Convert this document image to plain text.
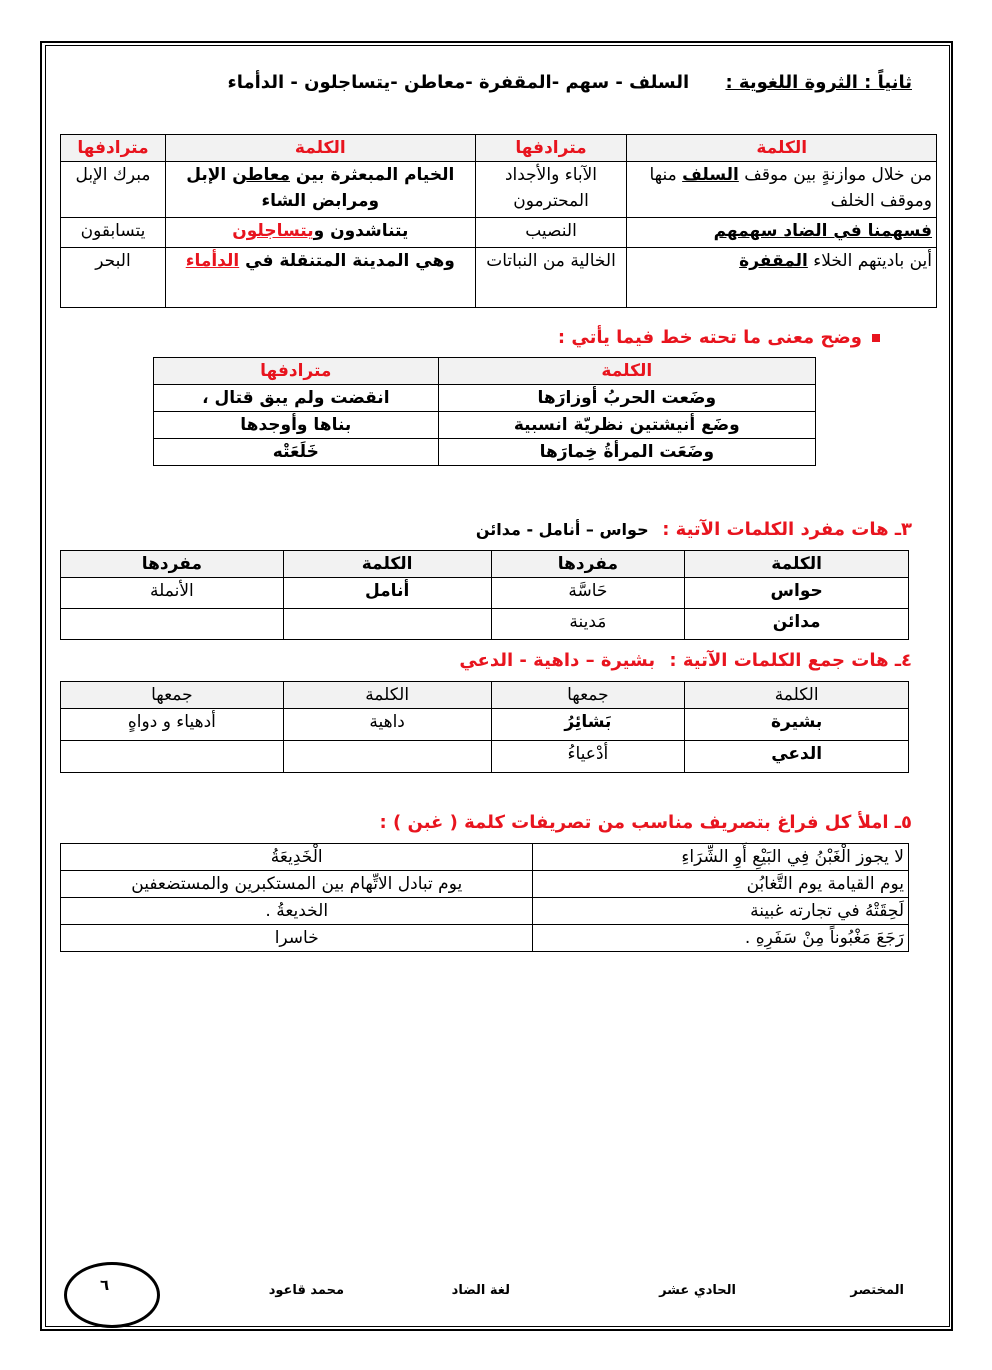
ثانياً : الثروة اللغوية : السلف - سهم -المقفرة -معاطن -يتساجلون - الدأماء
الكلمة	مترادفها	الكلمة	مترادفها
من خلال موازنةٍ بين موقف السلف منها وموقف الخلف	الآباء والأجداد المحترمون	الخيام المبعثرة بين معاطن الإبل ومرابض الشاء	مبرك الإبل
فسهمنا في الضاد سهمهم	النصيب	يتناشدون ويتساجلون	يتسابقون
أين باديتهم الخلاء المقفرة	الخالية من النباتات	وهي المدينة المتنقلة في الدأماء	البحر
وضح معنى ما تحته خط فيما يأتي :
الكلمة	مترادفها
وضَعت الحربُ أوزارَها	انقضت ولم يبق قتال ،
وضَع أنيشتين نظريّة انسبية	بناها وأوجدها
وضَعَت المرأةُ خِمارَها	خَلَعَتْه
٣ـ هات مفرد الكلمات الآتية : حواس – أنامل - مدائن
الكلمة	مفردها	الكلمة	مفردها
حواس	حَاسَّة	أنامل	الأنملة
مدائن	مَدينة		
٤ـ هات جمع الكلمات الآتية : بشيرة – داهية - الدعي
الكلمة	جمعها	الكلمة	جمعها
بشيرة	بَشائِرُ	داهية	أدهياء و دواهٍ
الدعي	أدْعياءُ		
٥ـ املأ كل فراغ بتصريف مناسب من تصريفات كلمة ( غبن ) :
لا يجوز الْغَبْنُ فِي البَيْعِ أَوِ الشِّرَاءِ	الْخَدِيعَةُ
يوم القيامة يوم التَّغابُن	يوم تبادل الاتِّهام بين المستكبرين والمستضعفين
لَحِقَتْهُ في تجارته غبينة	الخديعةُ .
رَجَعَ مَغْبُوناً مِنْ سَفَرِهِ .	خاسرا
المختصر
الحادي عشر
لغة الضاد
محمد قاعود
٦
